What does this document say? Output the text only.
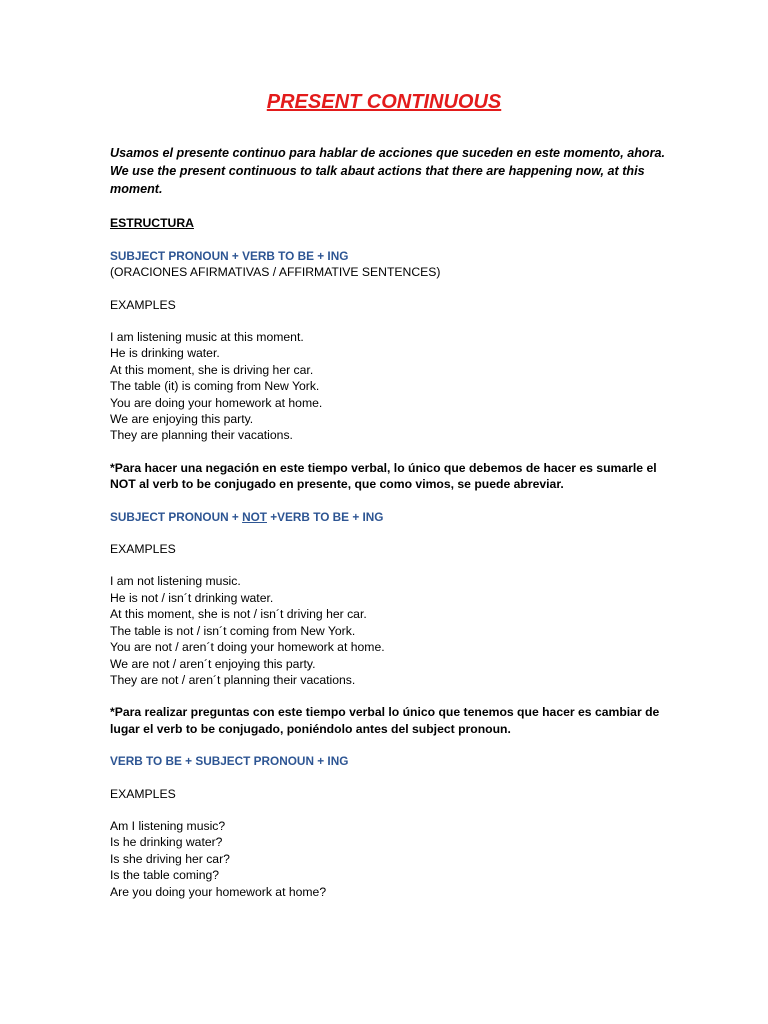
PRESENT CONTINUOUS
Usamos el presente continuo para hablar de acciones que suceden en este momento, ahora.
We use the present continuous to talk abaut actions that there are happening now, at this moment.
ESTRUCTURA
SUBJECT PRONOUN + VERB TO BE + ING
(ORACIONES AFIRMATIVAS / AFFIRMATIVE SENTENCES)
EXAMPLES
I am listening music at this moment.
He is drinking water.
At this moment, she is driving her car.
The table (it) is coming from New York.
You are doing your homework at home.
We are enjoying this party.
They are planning their vacations.
*Para hacer una negación en este tiempo verbal, lo único que debemos de hacer es sumarle el NOT al verb to be conjugado en presente, que como vimos, se puede abreviar.
SUBJECT PRONOUN + NOT +VERB TO BE + ING
EXAMPLES
I am not listening music.
He is not / isn´t drinking water.
At this moment, she is not / isn´t driving her car.
The table is not / isn´t coming from New York.
You are not / aren´t doing your homework at home.
We are not / aren´t enjoying this party.
They are not / aren´t planning their vacations.
*Para realizar preguntas con este tiempo verbal lo único que tenemos que hacer es cambiar de lugar el verb to be conjugado, poniéndolo antes del subject pronoun.
VERB TO BE + SUBJECT PRONOUN + ING
EXAMPLES
Am I listening music?
Is he drinking water?
Is she driving her car?
Is the table coming?
Are you doing your homework at home?
